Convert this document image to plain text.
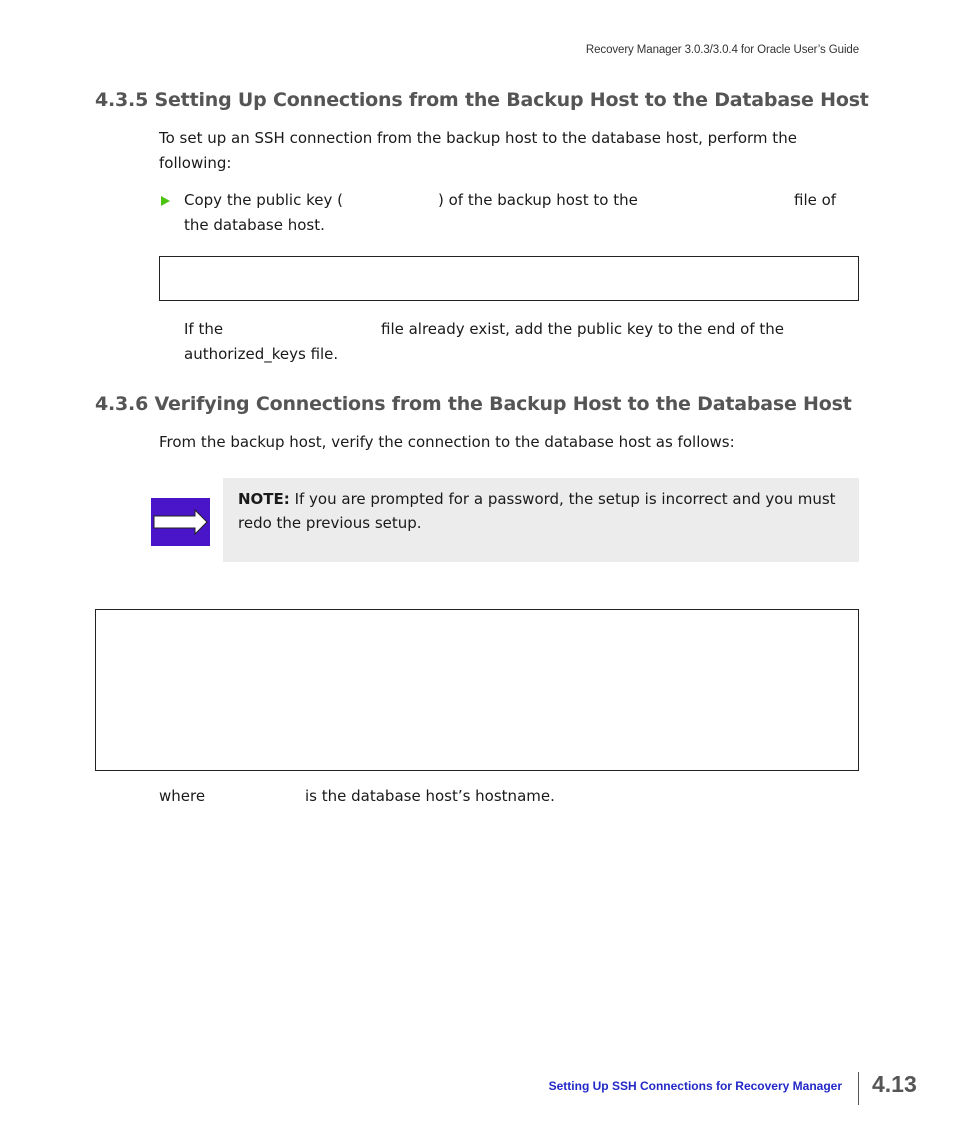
Recovery Manager 3.0.3/3.0.4 for Oracle User’s Guide
4.3.5 Setting Up Connections from the Backup Host to the Database Host
To set up an SSH connection from the backup host to the database host, perform the
following:
Copy the public key (	) of the backup host to the	file of
the database host.
If the	file already exist, add the public key to the end of the
authorized_keys file.
4.3.6 Verifying Connections from the Backup Host to the Database Host
From the backup host, verify the connection to the database host as follows:
NOTE: If you are prompted for a password, the setup is incorrect and you must
redo the previous setup.
where	is the database host’s hostname.
Setting Up SSH Connections for Recovery Manager 4.13
